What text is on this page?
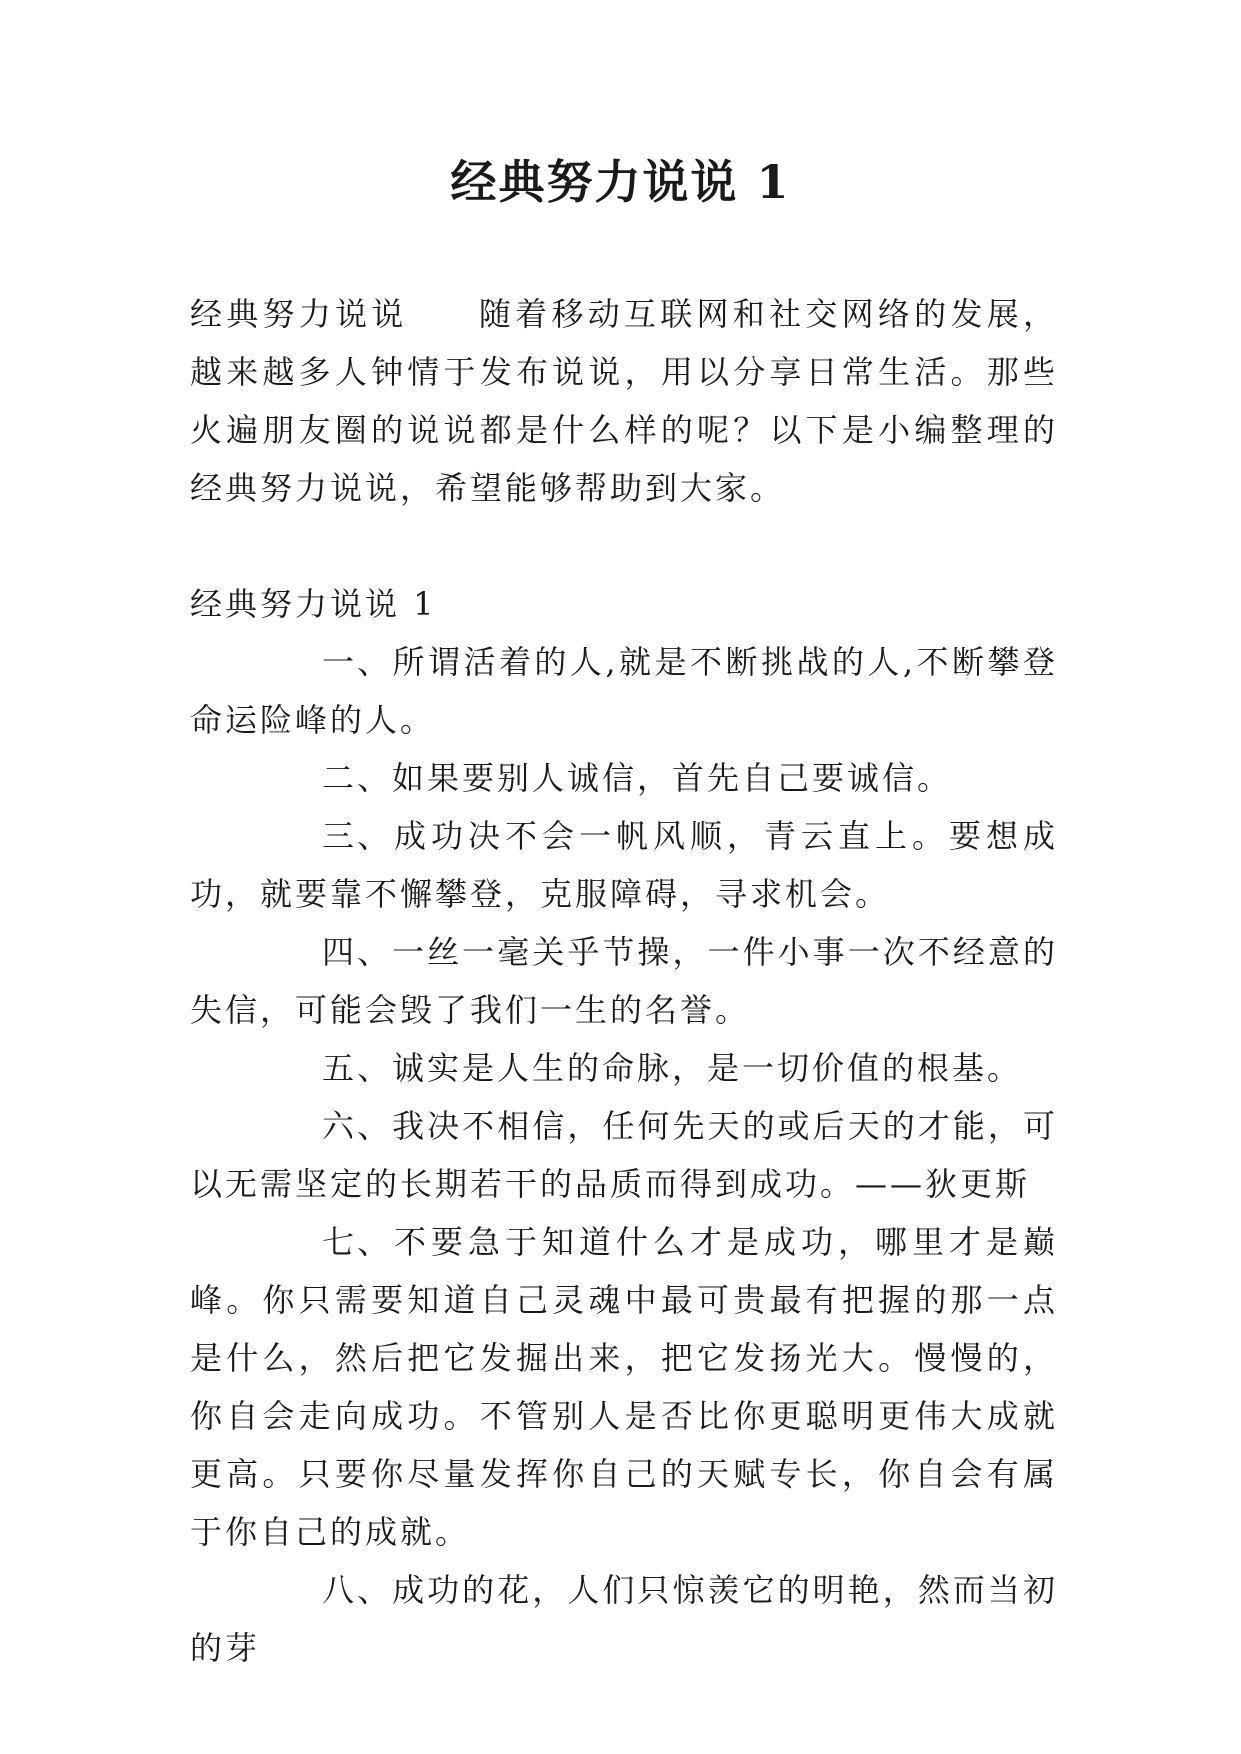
经典努力说说 1

经典努力说说 随着移动互联网和社交网络的发展，越来越多人钟情于发布说说，用以分享日常生活。那些火遍朋友圈的说说都是什么样的呢？以下是小编整理的经典努力说说，希望能够帮助到大家。

经典努力说说 1

一、所谓活着的人,就是不断挑战的人,不断攀登命运险峰的人。

二、如果要别人诚信，首先自己要诚信。

三、成功决不会一帆风顺，青云直上。要想成功，就要靠不懈攀登，克服障碍，寻求机会。

四、一丝一毫关乎节操，一件小事一次不经意的失信，可能会毁了我们一生的名誉。

五、诚实是人生的命脉，是一切价值的根基。

六、我决不相信，任何先天的或后天的才能，可以无需坚定的长期若干的品质而得到成功。——狄更斯

七、不要急于知道什么才是成功，哪里才是巅峰。你只需要知道自己灵魂中最可贵最有把握的那一点是什么，然后把它发掘出来，把它发扬光大。慢慢的，你自会走向成功。不管别人是否比你更聪明更伟大成就更高。只要你尽量发挥你自己的天赋专长，你自会有属于你自己的成就。

八、成功的花，人们只惊羡它的明艳，然而当初的芽
